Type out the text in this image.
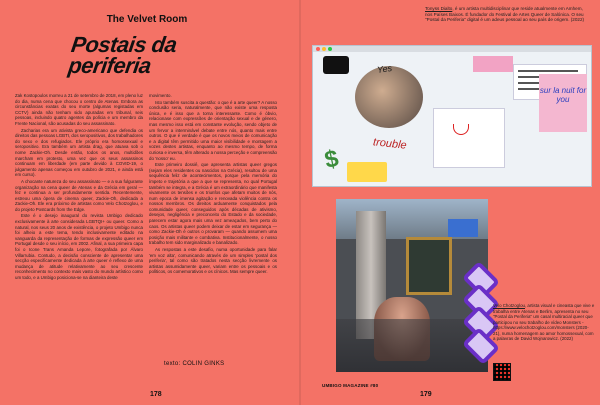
The Velvet Room
Postais da
periferia

Zak Kostopoulos morreu a 21 de setembro de 2018, em pleno luz do dia, numa cena que chocou o centro de Atenas. Embora as circunstâncias exatas do seu morte (algumas registadas em CCTV) ainda não tenham sido apuradas em tribunal, seis pessoas, incluindo quatro agentes da polícia e um membro da Frente Nacional, são acusadas do seu assassinato.

Zacharias era um ativista greco-americano que defendia os direitos das pessoas LGBTI, dos seropositivos, dos trabalhadores do sexo e dos refugiados. Ele próprio era homossexual e seropositivo. Era também um artista drag, que atuava sob o nome Zackie-Oh. Desde então, todos os anos, multidões marcham em protesto, uma vez que os seus assassinos continuam em liberdade (em parte devido à COVID-19, o julgamento apenas começou em outubro de 2021, e ainda está em curso).

A chocante natureza do seu assassinato — e a sua fulgurante organização na cena queer de Atenas e da Grécia em geral — fez e continua a ser profundamente sentida. Recentemente, estreou uma ópera de cinema queer, Zackie-Oh, dedicada a Zackie-Oh. Ele era próximo de artistas como Velo Chotzoglou, e do projeto Postcards from the Edge.

Este é o desejo inaugural do revista Umbigo dedicado exclusivamente à arte considerada LGBTQI+ ou queer. Como a natural, nos seus 20 anos de existência, o projeto Umbigo nunca foi alheio a este tema, tendo inclusivamente editado na vanguarda da representação de formas de expressão queer em Portugal desde o seu início, em 2002. Afinal, a sua primeira capa foi o Icone Trans Amanda Lepore, fotografada por Álvaro Villarrubia. Contudo, a decisão consciente de apresentar uma secção especificamente dedicada à arte queer é reflexo de uma mudança de atitude relativamente ao seu crescente reconhecimento no contexto mais vasto do mundo artístico como um todo, e a Umbigo posiciona-se na dianteira deste

movimento.

Isto também suscita a questão: o que é a arte queer? A nosso conclusão seria, naturalmente, que não existe uma resposta única, e é isso que a torna interessante. Como é óbvio, relacionase com expressões de orientação sexual e de género, mas mesmo isso está em constante evolução, sendo objeto de um fervor a interminável debate entre nós, quanto mais entre outros. O que é verdade é que os novos meios de comunicação e a digital têm permitido uma maior visibilidade e montagem a vozes destes artistas, enquanto ao mesmo tempo, de forma curiosa e inversa, têm alterado a nossa perceção e compreensão do 'nosso' eu.

Este primeiro dossiê, que apresenta artistas queer gregos (sejam eles residentes ou nascidos na Grécia), resultou de uma sequência feliz de acontecimentos, porque pela memória do ímpeto e trajetória a que a que se representa, no qual Portugal também se integra, e a Grécia é um extraordinário que manifesta vivamente os tensões e os triunfos que afetam muitos de nós, num epoca de imensa agitação e renovada violência contra os nossos membros. Os direitos arduamente conquistados pela comunidade queer, conseguidos após décadas de ativismo, desejos, negligência e preconceito do Estado e da sociedade, parecem estar agora mais uma vez ameaçados, bem perto do caos. Os artistas queer podem deixar de estar em segurança — como Zackie-Oh é outros o provaram — quando assumem uma posição mais militante e combativa. Institucionalmente, o nosso trabalho tem sido marginalizado e banalizado.

As respostas a este desafio, numa oportunidade para falar 'em voz alta', comunicando através de um simples 'postal dos periferia', tal como são tratados nesta secção livremente os artistas assumidamente queer, variam entre os pessoais e os políticos, os comemorativos e os cínicos. Mas sempre queer.

texto: COLIN GINKS
178
Tonyss Dialto, é um artista multidisciplinar que reside atualmente em Amhem, nos Países Baixos. É fundador do Festival de Artes Queer de Salónica. O seu "Postal da Periferia" digital é um adeus pessoal ao seu país de origem. (2022)
Yes
sur la nuit for you
$
trouble
Velo Chotzoglou, artista visual e cineasta que vive e trabalha entre Atenas e Berlim, apresenta no seu "Postal da Periferia" um casal multiracial queer que participou no seu trabalho de vídeo Monsters - https://www.velochotzoglou.com/monsters (2020-21), numa homenagem ao amor homossexual, com a palavras de David Wojnarowicz. (2022)
UMBIGO MAGAZINE #80
179
